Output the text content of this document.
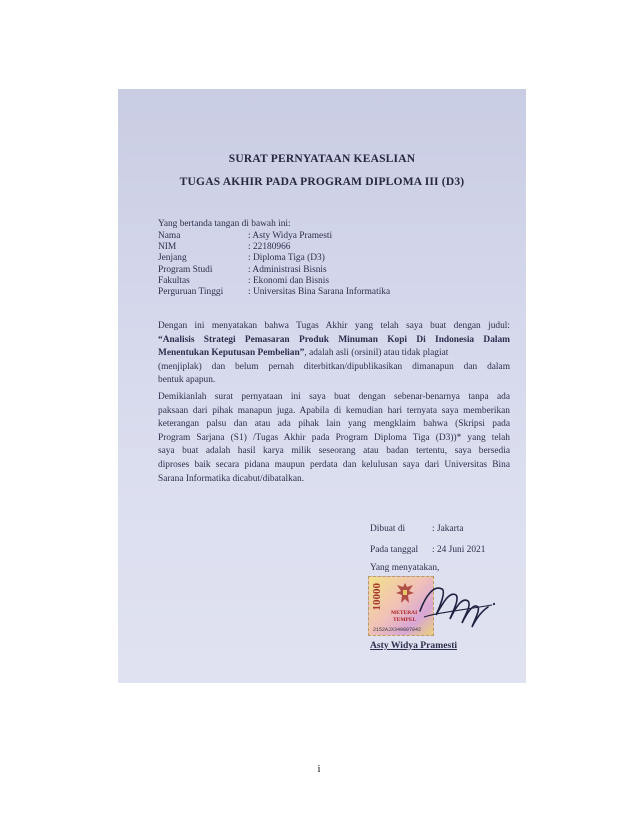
SURAT PERNYATAAN KEASLIAN
TUGAS AKHIR PADA PROGRAM DIPLOMA III (D3)
Yang bertanda tangan di bawah ini:
Nama	: Asty Widya Pramesti
NIM	: 22180966
Jenjang	: Diploma Tiga (D3)
Program Studi	: Administrasi Bisnis
Fakultas	: Ekonomi dan Bisnis
Perguruan Tinggi	: Universitas Bina Sarana Informatika
Dengan ini menyatakan bahwa Tugas Akhir yang telah saya buat dengan judul:
“Analisis Strategi Pemasaran Produk Minuman Kopi Di Indonesia Dalam
Menentukan Keputusan Pembelian”, adalah asli (orsinil) atau tidak plagiat
(menjiplak) dan belum pernah diterbitkan/dipublikasikan dimanapun dan dalam
bentuk apapun.
Demikianlah surat pernyataan ini saya buat dengan sebenar-benarnya tanpa ada
paksaan dari pihak manapun juga. Apabila di kemudian hari ternyata saya memberikan
keterangan palsu dan atau ada pihak lain yang mengklaim bahwa (Skripsi pada
Program Sarjana (S1) /Tugas Akhir pada Program Diploma Tiga (D3))* yang telah
saya buat adalah hasil karya milik seseorang atau badan tertentu, saya bersedia
diproses baik secara pidana maupun perdata dan kelulusan saya dari Universitas Bina
Sarana Informatika dicabut/dibatalkan.
Dibuat di	: Jakarta
Pada tanggal : 24 Juni 2021
Yang menyatakan,
10000
METERAI
TEMPEL
2152AJX349007042
Asty Widya Pramesti
i
